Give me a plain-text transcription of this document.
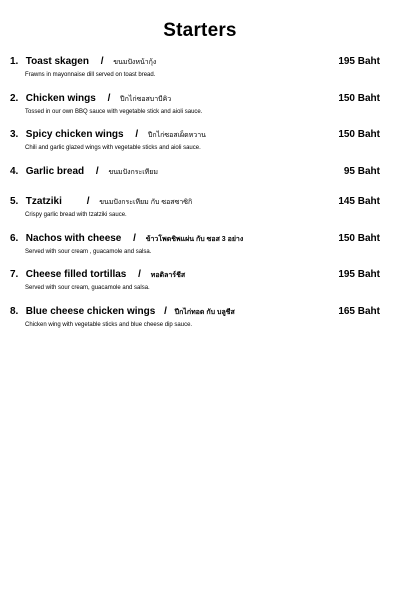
Starters
1. Toast skagen / ขนมปังหน้ากุ้ง	195 Baht
Frawns in mayonnaise dill served on toast bread.
2. Chicken wings / ปีกไก่ซอสบาบีคิว	150 Baht
Tossed in our own BBQ sauce with vegetable stick and aioli sauce.
3. Spicy chicken wings / ปีกไก่ซอสเผ็ดหวาน	150 Baht
Chili and garlic glazed wings with vegetable sticks and aioli sauce.
4. Garlic bread / ขนมปังกระเทียม	95 Baht
5. Tzatziki / ขนมปังกระเทียม กับ ซอสซาซิกิ	145 Baht
Crispy garlic bread with tzatziki sauce.
6. Nachos with cheese / ข้าวโพดชิพแผ่น กับ ซอส 3 อย่าง	150 Baht
Served with sour cream , guacamole and salsa.
7. Cheese filled tortillas / ทอติลาร์ชีส	195 Baht
Served with sour cream, guacamole and salsa.
8. Blue cheese chicken wings / ปีกไก่ทอด กับ บลูชีส	165 Baht
Chicken wing with vegetable sticks and blue cheese dip sauce.
